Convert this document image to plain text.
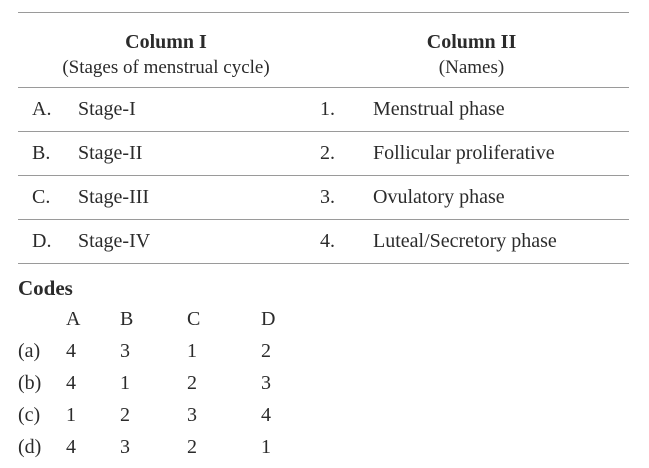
Column I
(Stages of menstrual cycle)
Column II
(Names)
A. Stage-I	1. Menstrual phase
B. Stage-II	2. Follicular proliferative
C. Stage-III	3. Ovulatory phase
D. Stage-IV	4. Luteal/Secretory phase
Codes
A B	C	D
(a) 4 3	1	2
(b) 4 1	2	3
(c) 1 2	3	4
(d) 4 3	2	1
